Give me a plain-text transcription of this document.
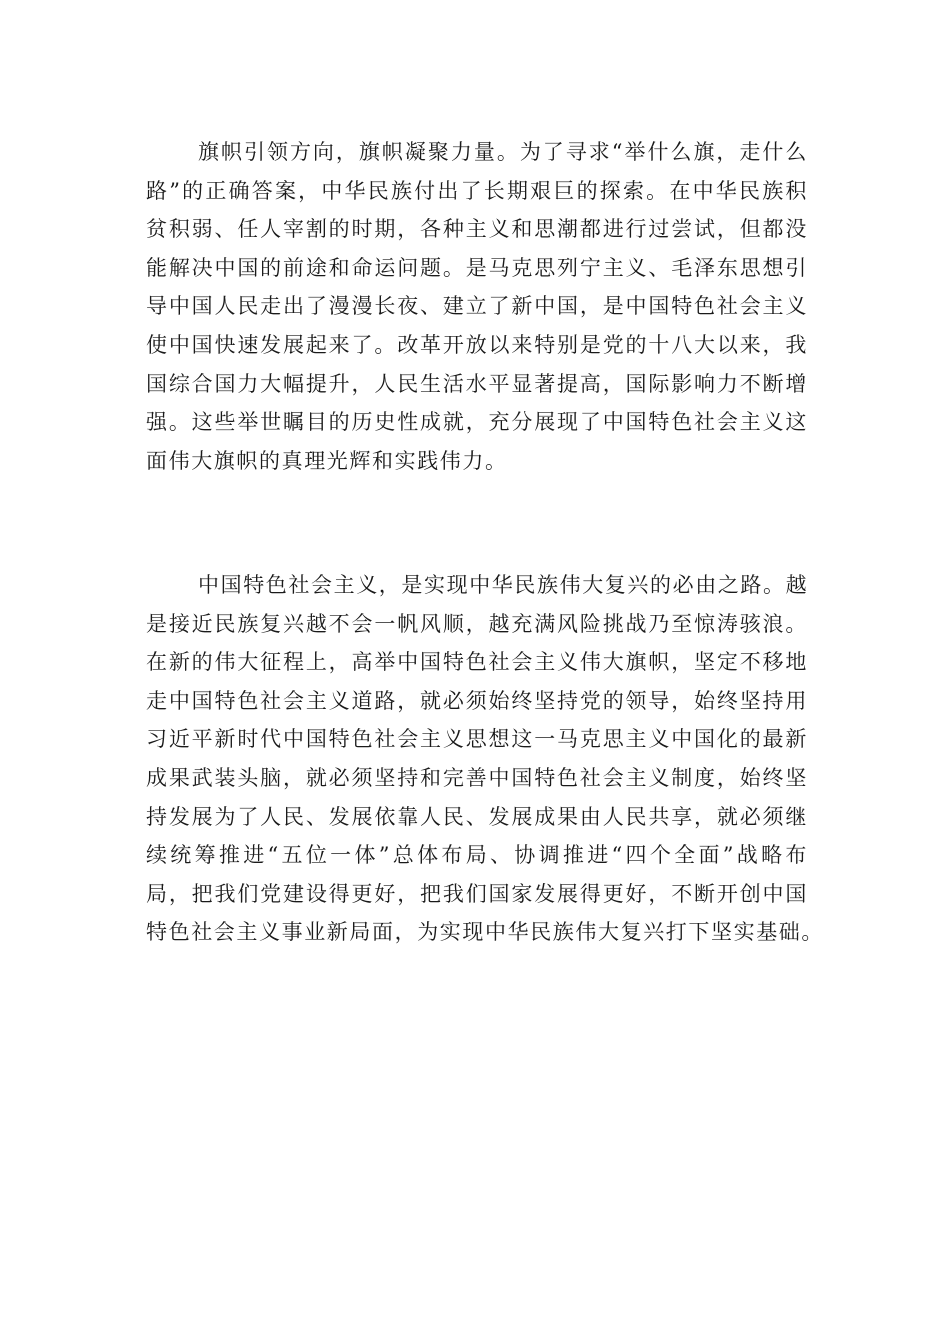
旗帜引领方向，旗帜凝聚力量。为了寻求“举什么旗，走什么
路”的正确答案，中华民族付出了长期艰巨的探索。在中华民族积
贫积弱、任人宰割的时期，各种主义和思潮都进行过尝试，但都没
能解决中国的前途和命运问题。是马克思列宁主义、毛泽东思想引
导中国人民走出了漫漫长夜、建立了新中国，是中国特色社会主义
使中国快速发展起来了。改革开放以来特别是党的十八大以来，我
国综合国力大幅提升，人民生活水平显著提高，国际影响力不断增
强。这些举世瞩目的历史性成就，充分展现了中国特色社会主义这
面伟大旗帜的真理光辉和实践伟力。

中国特色社会主义，是实现中华民族伟大复兴的必由之路。越
是接近民族复兴越不会一帆风顺，越充满风险挑战乃至惊涛骇浪。
在新的伟大征程上，高举中国特色社会主义伟大旗帜，坚定不移地
走中国特色社会主义道路，就必须始终坚持党的领导，始终坚持用
习近平新时代中国特色社会主义思想这一马克思主义中国化的最新
成果武装头脑，就必须坚持和完善中国特色社会主义制度，始终坚
持发展为了人民、发展依靠人民、发展成果由人民共享，就必须继
续统筹推进“五位一体”总体布局、协调推进“四个全面”战略布
局，把我们党建设得更好，把我们国家发展得更好，不断开创中国
特色社会主义事业新局面，为实现中华民族伟大复兴打下坚实基础。
